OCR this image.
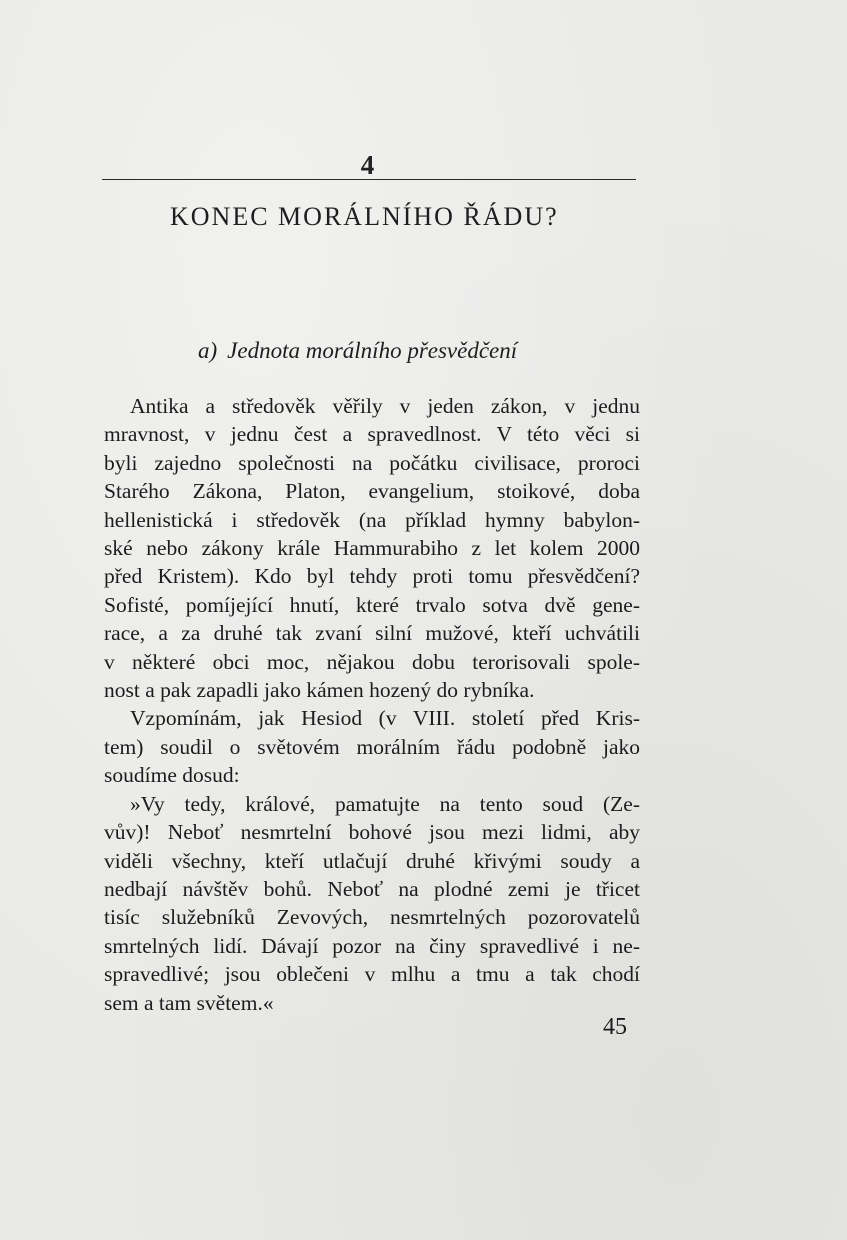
4
KONEC MORÁLNÍHO ŘÁDU?
a) Jednota morálního přesvědčení
Antika a středověk věřily v jeden zákon, v jednu
mravnost, v jednu čest a spravedlnost. V této věci si
byli zajedno společnosti na počátku civilisace, proroci
Starého Zákona, Platon, evangelium, stoikové, doba
hellenistická i středověk (na příklad hymny babylon-
ské nebo zákony krále Hammurabiho z let kolem 2000
před Kristem). Kdo byl tehdy proti tomu přesvědčení?
Sofisté, pomíjející hnutí, které trvalo sotva dvě gene-
race, a za druhé tak zvaní silní mužové, kteří uchvátili
v některé obci moc, nějakou dobu terorisovali spole-
nost a pak zapadli jako kámen hozený do rybníka.
Vzpomínám, jak Hesiod (v VIII. století před Kris-
tem) soudil o světovém morálním řádu podobně jako
soudíme dosud:
»Vy tedy, králové, pamatujte na tento soud (Ze-
vův)! Neboť nesmrtelní bohové jsou mezi lidmi, aby
viděli všechny, kteří utlačují druhé křivými soudy a
nedbají návštěv bohů. Neboť na plodné zemi je třicet
tisíc služebníků Zevových, nesmrtelných pozorovatelů
smrtelných lidí. Dávají pozor na činy spravedlivé i ne-
spravedlivé; jsou oblečeni v mlhu a tmu a tak chodí
sem a tam světem.«
45
